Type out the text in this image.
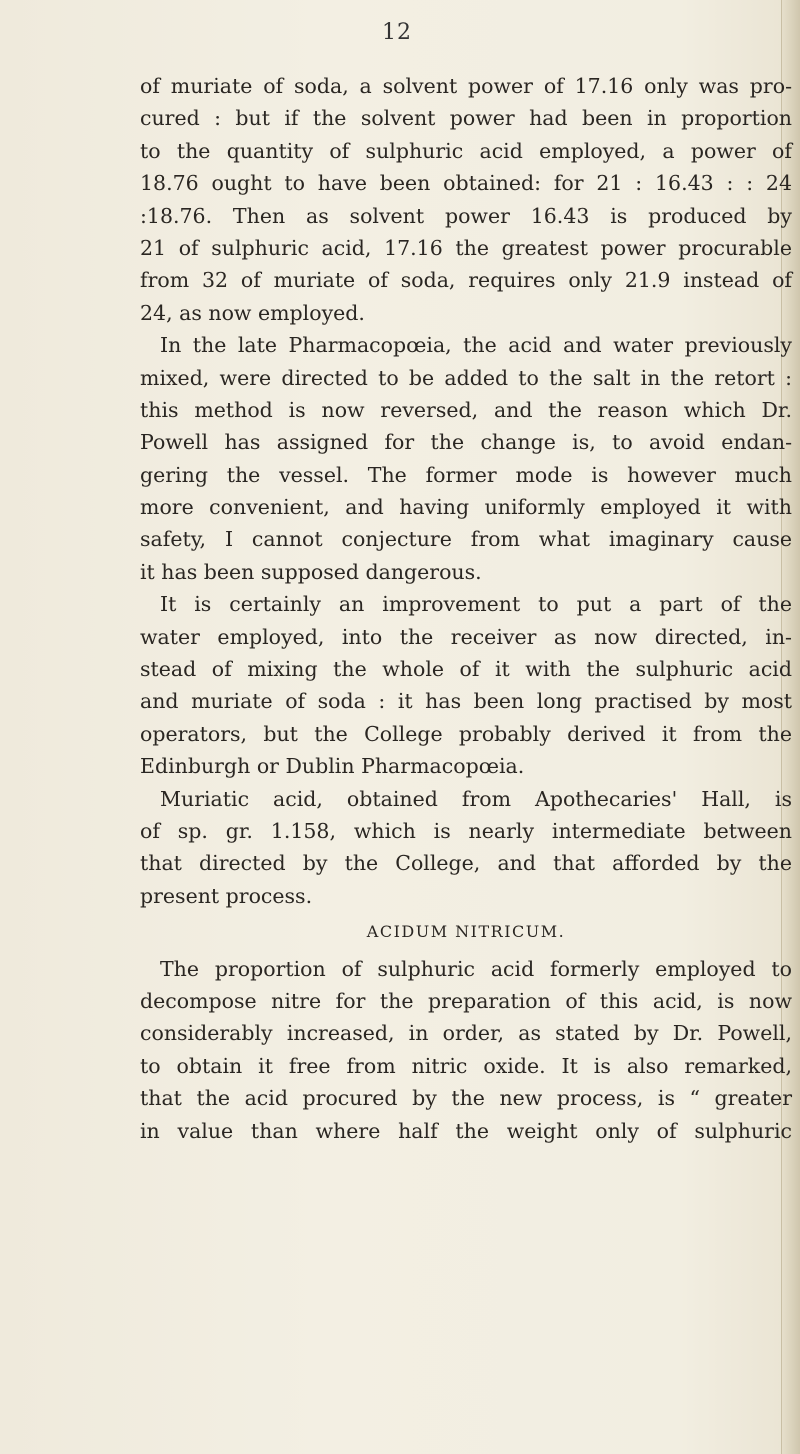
12
of muriate of soda, a solvent power of 17.16 only was pro-
cured : but if the solvent power had been in proportion
to the quantity of sulphuric acid employed, a power of
18.76 ought to have been obtained: for 21 : 16.43 : : 24
:18.76. Then as solvent power 16.43 is produced by
21 of sulphuric acid, 17.16 the greatest power procurable
from 32 of muriate of soda, requires only 21.9 instead of
24, as now employed.
In the late Pharmacopœia, the acid and water previously
mixed, were directed to be added to the salt in the retort :
this method is now reversed, and the reason which Dr.
Powell has assigned for the change is, to avoid endan-
gering the vessel. The former mode is however much
more convenient, and having uniformly employed it with
safety, I cannot conjecture from what imaginary cause
it has been supposed dangerous.
It is certainly an improvement to put a part of the
water employed, into the receiver as now directed, in-
stead of mixing the whole of it with the sulphuric acid
and muriate of soda : it has been long practised by most
operators, but the College probably derived it from the
Edinburgh or Dublin Pharmacopœia.
Muriatic acid, obtained from Apothecaries' Hall, is
of sp. gr. 1.158, which is nearly intermediate between
that directed by the College, and that afforded by the
present process.
ACIDUM NITRICUM.
The proportion of sulphuric acid formerly employed to
decompose nitre for the preparation of this acid, is now
considerably increased, in order, as stated by Dr. Powell,
to obtain it free from nitric oxide. It is also remarked,
that the acid procured by the new process, is “ greater
in value than where half the weight only of sulphuric
